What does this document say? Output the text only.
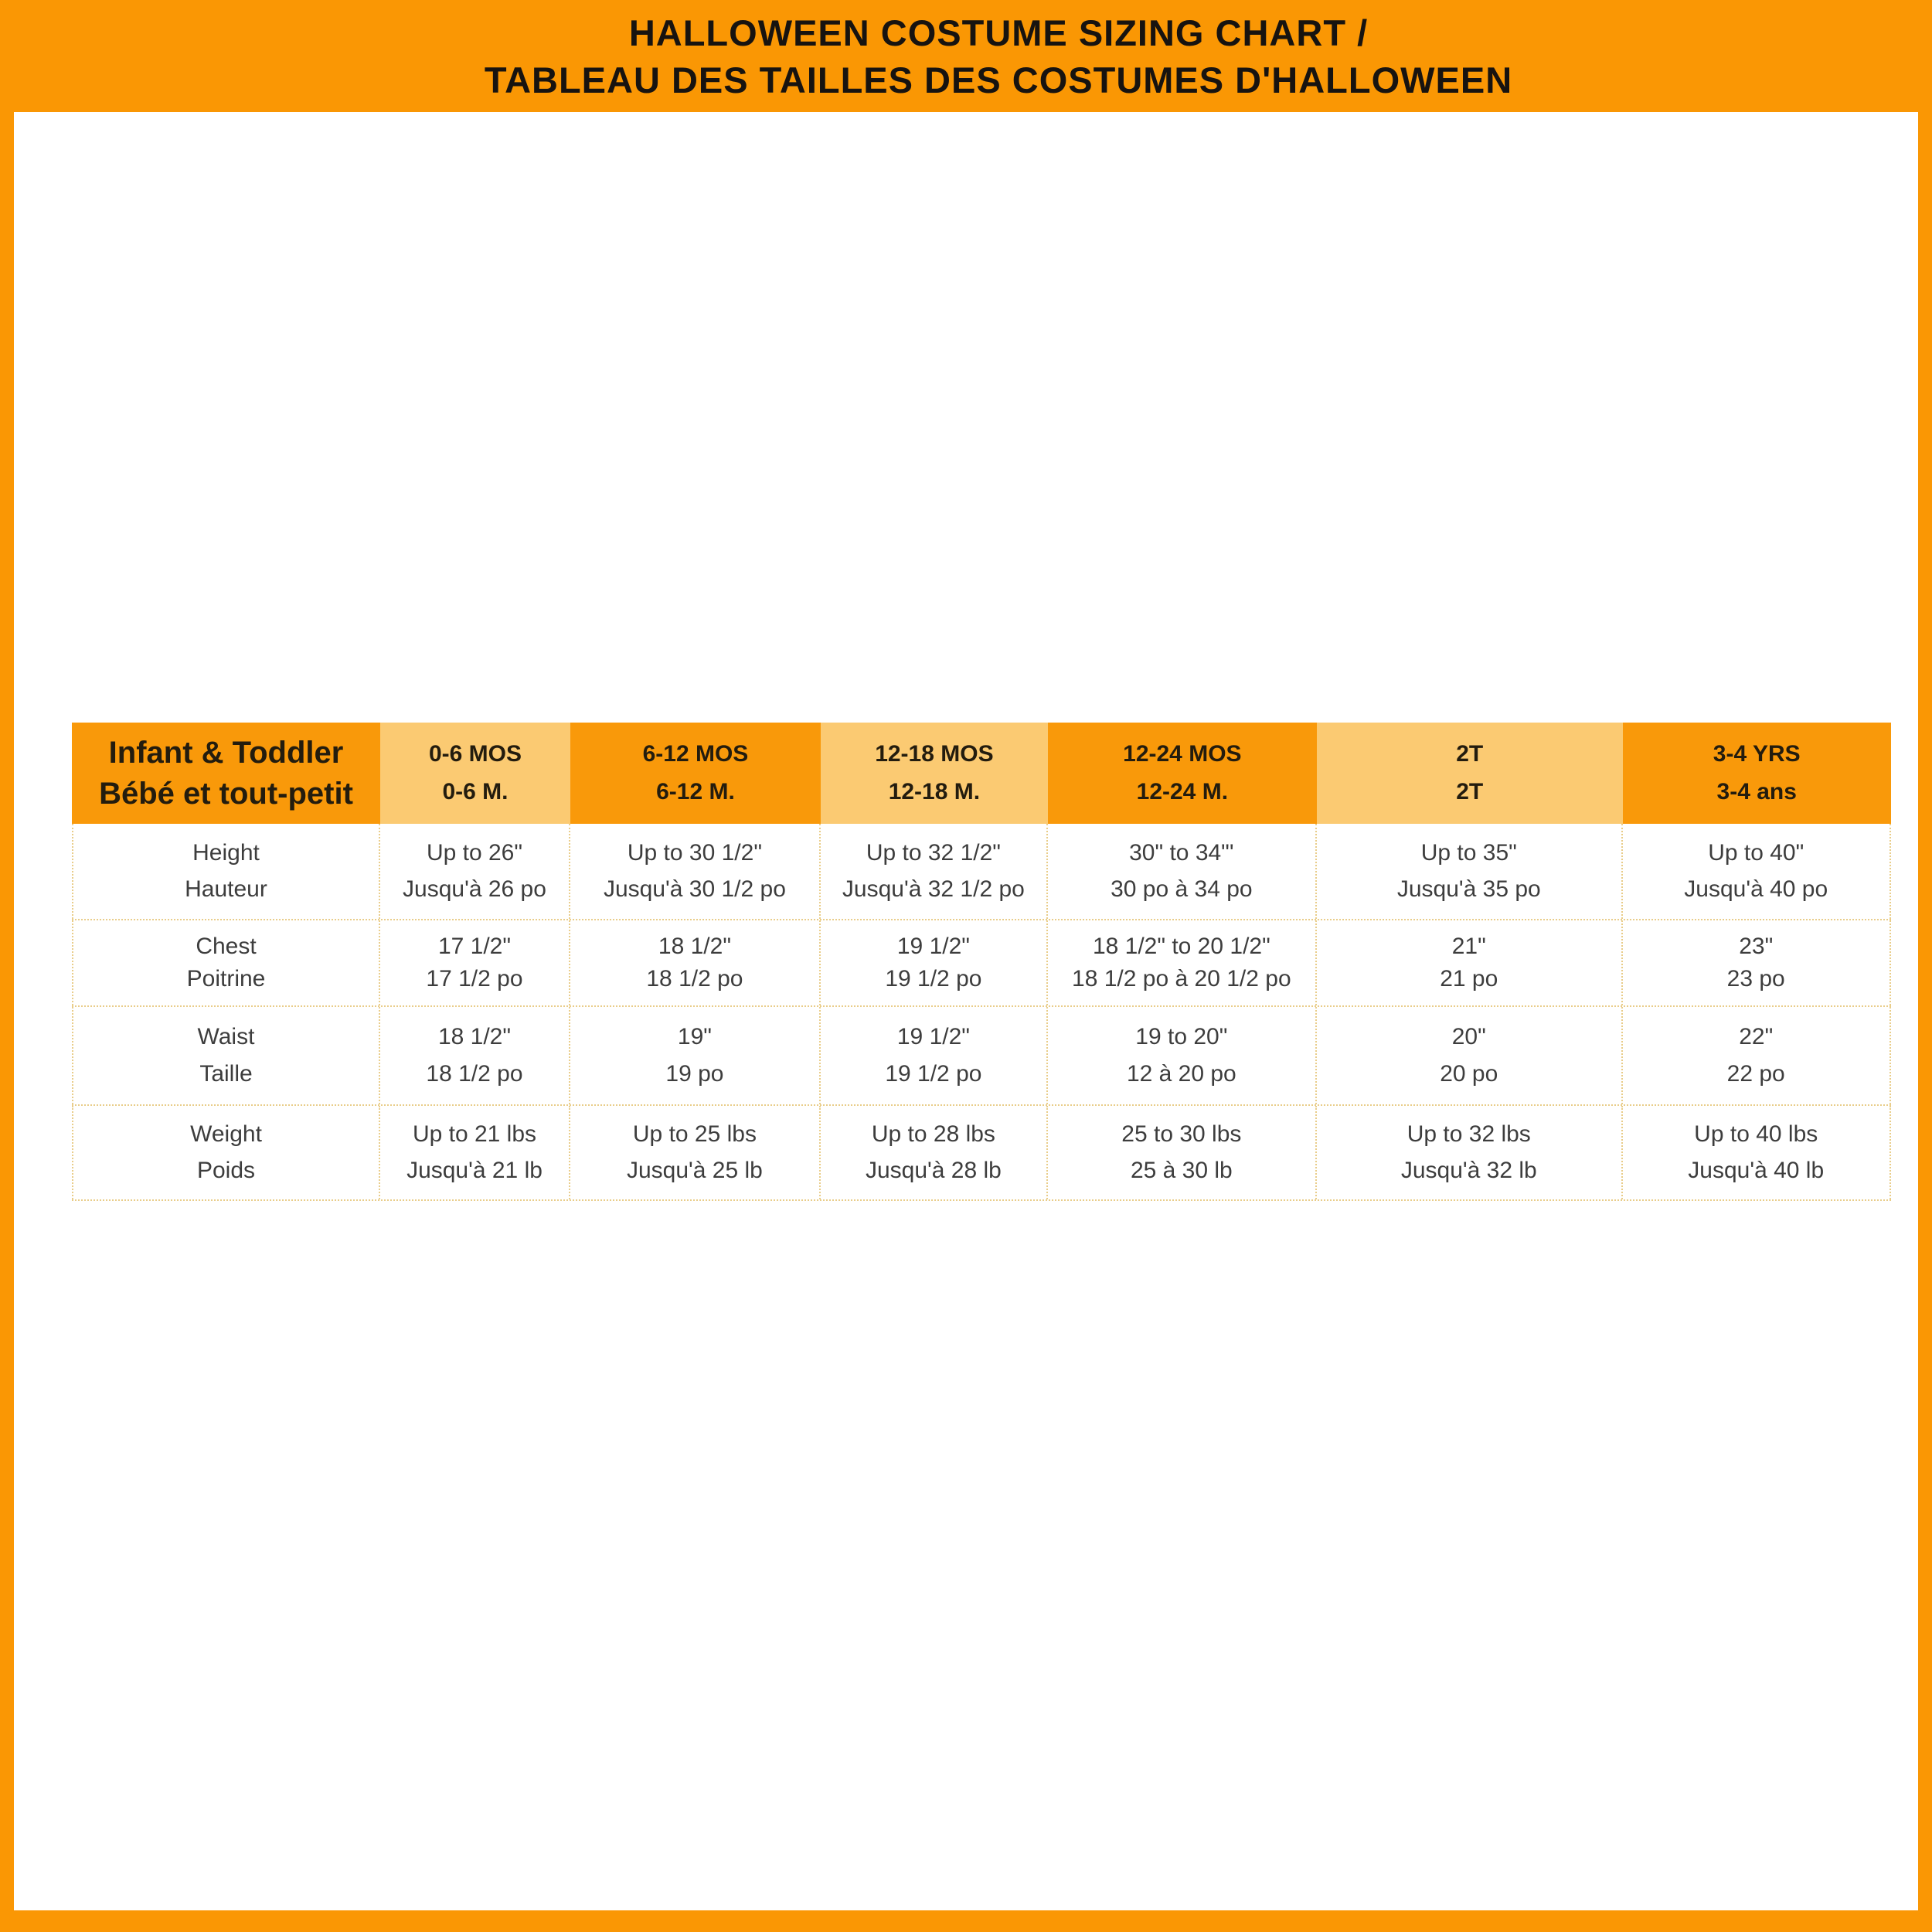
HALLOWEEN COSTUME SIZING CHART /
TABLEAU DES TAILLES DES COSTUMES D'HALLOWEEN
Infant & Toddler
Bébé et tout-petit
0-6 MOS
0-6 M.
6-12 MOS
6-12 M.
12-18 MOS
12-18 M.
12-24 MOS
12-24 M.
2T
2T
3-4 YRS
3-4 ans
Height
Hauteur
Up to 26"
Jusqu'à 26 po
Up to 30 1/2"
Jusqu'à 30 1/2 po
Up to 32 1/2"
Jusqu'à 32 1/2 po
30" to 34"'
30 po à 34 po
Up to 35"
Jusqu'à 35 po
Up to 40"
Jusqu'à 40 po
Chest
Poitrine
17 1/2"
17 1/2 po
18 1/2"
18 1/2 po
19 1/2"
19 1/2 po
18 1/2" to 20 1/2"
18 1/2 po à 20 1/2 po
21"
21 po
23"
23 po
Waist
Taille
18 1/2"
18 1/2 po
19"
19 po
19 1/2"
19 1/2 po
19 to 20"
12 à 20 po
20"
20 po
22"
22 po
Weight
Poids
Up to 21 lbs
Jusqu'à 21 lb
Up to 25 lbs
Jusqu'à 25 lb
Up to 28 lbs
Jusqu'à 28 lb
25 to 30 lbs
25 à 30 lb
Up to 32 lbs
Jusqu'à 32 lb
Up to 40 lbs
Jusqu'à 40 lb
